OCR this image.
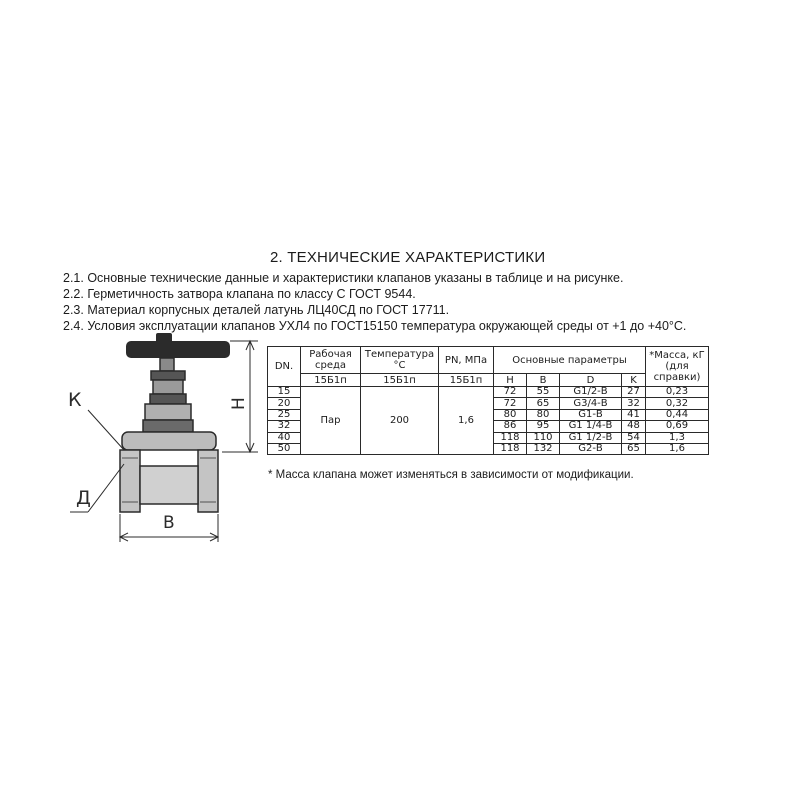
2. ТЕХНИЧЕСКИЕ ХАРАКТЕРИСТИКИ
2.1. Основные технические данные и характеристики клапанов указаны в таблице и на рисунке.
2.2. Герметичность затвора клапана по классу С ГОСТ 9544.
2.3. Материал корпусных деталей латунь ЛЦ40СД по ГОСТ 17711.
2.4. Условия эксплуатации клапанов УХЛ4 по ГОСТ15150 температура окружающей среды от +1 до +40°С.
К
Д
В
Н
DN.	Рабочая среда	Температура °С	PN, МПа	Основные параметры				*Масса, кГ (для справки)
	15Б1п	15Б1п	15Б1п	H	B	D	K	
15	Пар	200	1,6	72	55	G1/2-В	27	0,23
20				72	65	G3/4-В	32	0,32
25				80	80	G1-В	41	0,44
32				86	95	G1 1/4-В	48	0,69
40				118	110	G1 1/2-В	54	1,3
50				118	132	G2-В	65	1,6
* Масса клапана может изменяться в зависимости от модификации.
